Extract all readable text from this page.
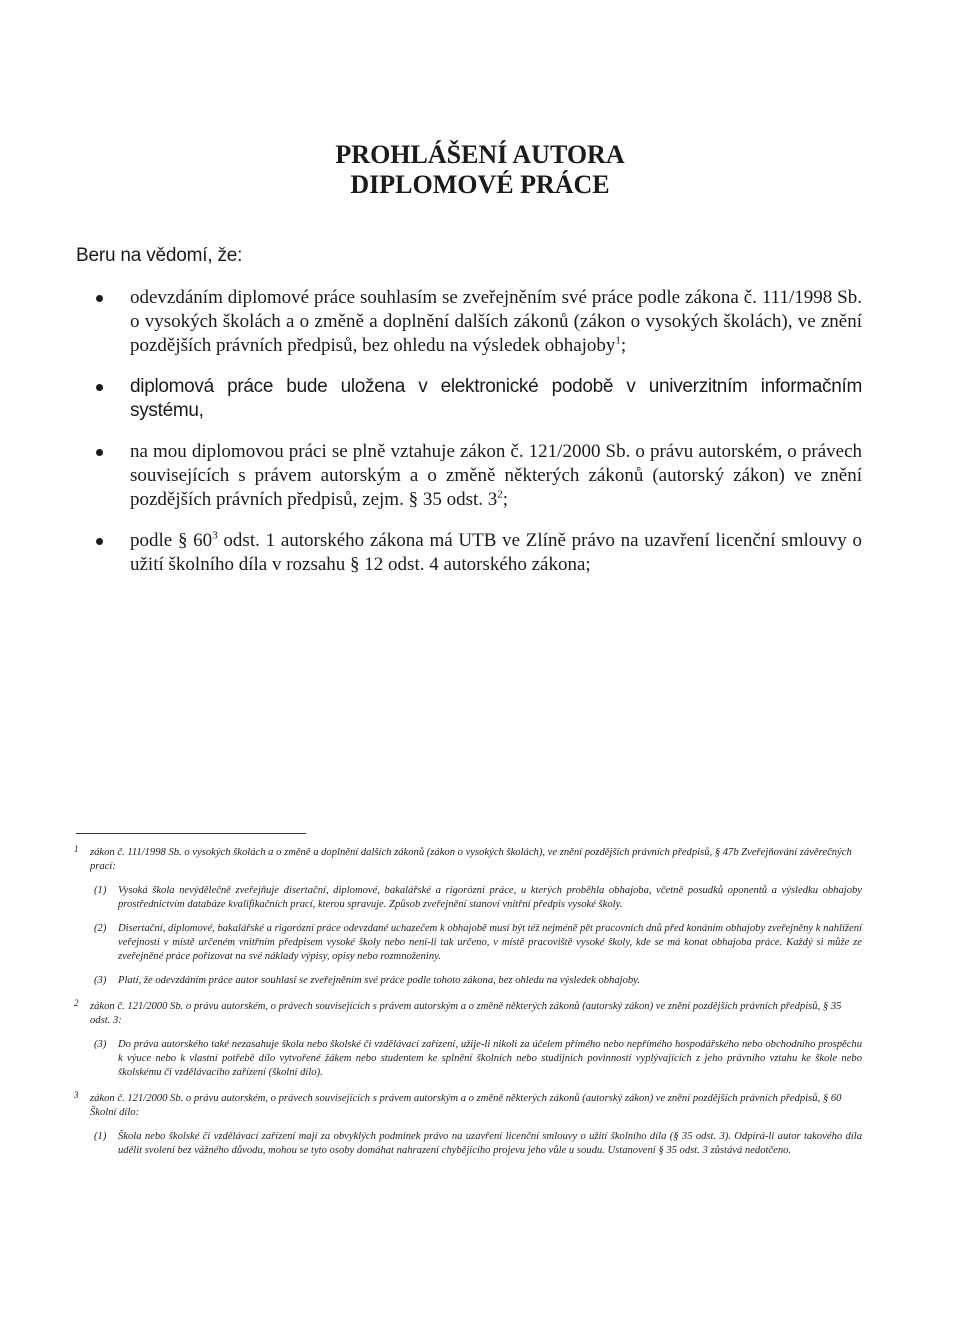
PROHLÁŠENÍ AUTORA
DIPLOMOVÉ PRÁCE
Beru na vědomí, že:
odevzdáním diplomové práce souhlasím se zveřejněním své práce podle zákona č. 111/1998 Sb. o vysokých školách a o změně a doplnění dalších zákonů (zákon o vysokých školách), ve znění pozdějších právních předpisů, bez ohledu na výsledek obhajoby$^1$;
diplomová práce bude uložena v elektronické podobě v univerzitním informačním systému,
na mou diplomovou práci se plně vztahuje zákon č. 121/2000 Sb. o právu autorském, o právech souvisejících s právem autorským a o změně některých zákonů (autorský zákon) ve znění pozdějších právních předpisů, zejm. § 35 odst. 3$^2$;
podle § 60$^3$ odst. 1 autorského zákona má UTB ve Zlíně právo na uzavření licenční smlouvy o užití školního díla v rozsahu § 12 odst. 4 autorského zákona;
1	zákon č. 111/1998 Sb. o vysokých školách a o změně a doplnění dalších zákonů (zákon o vysokých školách), ve znění pozdějších právních předpisů, § 47b Zveřejňování závěrečných prací:
(1) Vysoká škola nevýdělečně zveřejňuje disertační, diplomové, bakalářské a rigorózní práce, u kterých proběhla obhajoba, včetně posudků oponentů a výsledku obhajoby prostřednictvím databáze kvalifikačních prací, kterou spravuje. Způsob zveřejnění stanoví vnitřní předpis vysoké školy.
(2) Disertační, diplomové, bakalářské a rigorózní práce odevzdané uchazečem k obhajobě musí být též nejméně pět pracovních dnů před konáním obhajoby zveřejněny k nahlížení veřejnosti v místě určeném vnitřním předpisem vysoké školy nebo není-li tak určeno, v místě pracoviště vysoké školy, kde se má konat obhajoba práce. Každý si může ze zveřejněné práce pořizovat na své náklady výpisy, opisy nebo rozmnoženiny.
(3) Platí, že odevzdáním práce autor souhlasí se zveřejněním své práce podle tohoto zákona, bez ohledu na výsledek obhajoby.
2	zákon č. 121/2000 Sb. o právu autorském, o právech souvisejících s právem autorským a o změně některých zákonů (autorský zákon) ve znění pozdějších právních předpisů, § 35 odst. 3:
(3) Do práva autorského také nezasahuje škola nebo školské či vzdělávací zařízení, užije-li nikoli za účelem přímého nebo nepřímého hospodářského nebo obchodního prospěchu k výuce nebo k vlastní potřebě dílo vytvořené žákem nebo studentem ke splnění školních nebo studijních povinností vyplývajících z jeho právního vztahu ke škole nebo školskému či vzdělávacího zařízení (školní dílo).
3	zákon č. 121/2000 Sb. o právu autorském, o právech souvisejících s právem autorským a o změně některých zákonů (autorský zákon) ve znění pozdějších právních předpisů, § 60 Školní dílo:
(1) Škola nebo školské či vzdělávací zařízení mají za obvyklých podmínek právo na uzavření licenční smlouvy o užití školního díla (§ 35 odst. 3). Odpírá-li autor takového díla udělit svolení bez vážného důvodu, mohou se tyto osoby domáhat nahrazení chybějícího projevu jeho vůle u soudu. Ustanovení § 35 odst. 3 zůstává nedotčeno.
